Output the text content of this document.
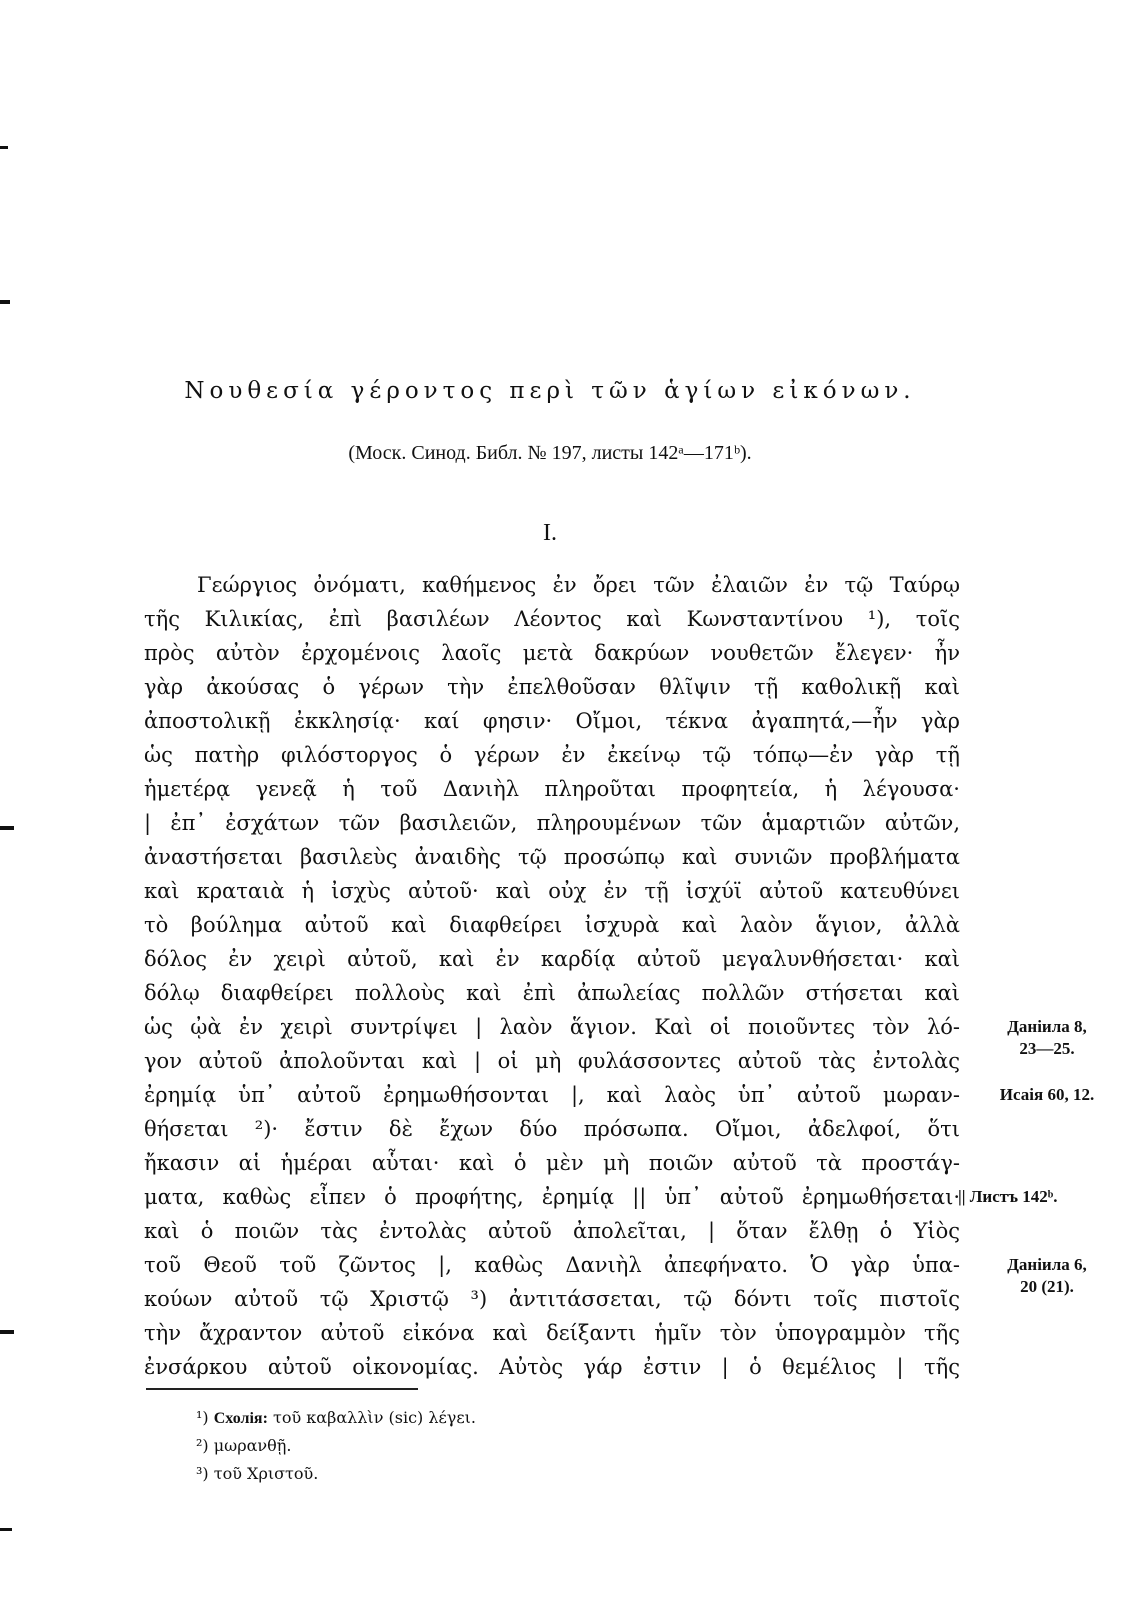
Νουθεσία γέροντος περὶ τῶν ἁγίων εἰκόνων.
(Моск. Синод. Библ. № 197, листы 142ᵃ—171ᵇ).
I.
Γεώργιος ὀνόματι, καθήμενος ἐν ὄρει τῶν ἐλαιῶν ἐν τῷ Ταύρῳ
τῆς Κιλικίας, ἐπὶ βασιλέων Λέοντος καὶ Κωνσταντίνου ¹), τοῖς
πρὸς αὐτὸν ἐρχομένοις λαοῖς μετὰ δακρύων νουθετῶν ἔλεγεν· ἦν
γὰρ ἀκούσας ὁ γέρων τὴν ἐπελθοῦσαν θλῖψιν τῇ καθολικῇ καὶ
ἀποστολικῇ ἐκκλησίᾳ· καί φησιν· Οἴμοι, τέκνα ἀγαπητά,—ἦν γὰρ
ὡς πατὴρ φιλόστοργος ὁ γέρων ἐν ἐκείνῳ τῷ τόπῳ—ἐν γὰρ τῇ
ἡμετέρᾳ γενεᾷ ἡ τοῦ Δανιὴλ πληροῦται προφητεία, ἡ λέγουσα·
| ἐπ᾽ ἐσχάτων τῶν βασιλειῶν, πληρουμένων τῶν ἁμαρτιῶν αὐτῶν,
ἀναστήσεται βασιλεὺς ἀναιδὴς τῷ προσώπῳ καὶ συνιῶν προβλήματα
καὶ κραταιὰ ἡ ἰσχὺς αὐτοῦ· καὶ οὐχ ἐν τῇ ἰσχύϊ αὐτοῦ κατευθύνει
τὸ βούλημα αὐτοῦ καὶ διαφθείρει ἰσχυρὰ καὶ λαὸν ἅγιον, ἀλλὰ
δόλος ἐν χειρὶ αὐτοῦ, καὶ ἐν καρδίᾳ αὐτοῦ μεγαλυνθήσεται· καὶ
δόλῳ διαφθείρει πολλοὺς καὶ ἐπὶ ἀπωλείας πολλῶν στήσεται καὶ
ὡς ᾠὰ ἐν χειρὶ συντρίψει | λαὸν ἅγιον. Καὶ οἱ ποιοῦντες τὸν λό-
γον αὐτοῦ ἀπολοῦνται καὶ | οἱ μὴ φυλάσσοντες αὐτοῦ τὰς ἐντολὰς
ἐρημίᾳ ὑπ᾽ αὐτοῦ ἐρημωθήσονται |, καὶ λαὸς ὑπ᾽ αὐτοῦ μωραν-
θήσεται ²)· ἔστιν δὲ ἔχων δύο πρόσωπα. Οἴμοι, ἀδελφοί, ὅτι
ἤκασιν αἱ ἡμέραι αὗται· καὶ ὁ μὲν μὴ ποιῶν αὐτοῦ τὰ προστάγ-
ματα, καθὼς εἶπεν ὁ προφήτης, ἐρημίᾳ || ὑπ᾽ αὐτοῦ ἐρημωθήσεται·
καὶ ὁ ποιῶν τὰς ἐντολὰς αὐτοῦ ἀπολεῖται, | ὅταν ἔλθῃ ὁ Υἱὸς
τοῦ Θεοῦ τοῦ ζῶντος |, καθὼς Δανιὴλ ἀπεφήνατο. Ὁ γὰρ ὑπα-
κούων αὐτοῦ τῷ Χριστῷ ³) ἀντιτάσσεται, τῷ δόντι τοῖς πιστοῖς
τὴν ἄχραντον αὐτοῦ εἰκόνα καὶ δείξαντι ἡμῖν τὸν ὑπογραμμὸν τῆς
ἐνσάρκου αὐτοῦ οἰκονομίας. Αὐτὸς γάρ ἐστιν | ὁ θεμέλιος | τῆς
Данiила 8,
23—25.
Исаiя 60, 12.
|| Листъ 142ᵇ.
Данiила 6,
20 (21).
¹) Схолiя: τοῦ καβαλλὶν (sic) λέγει.
²) μωρανθῇ.
³) τοῦ Χριστοῦ.
